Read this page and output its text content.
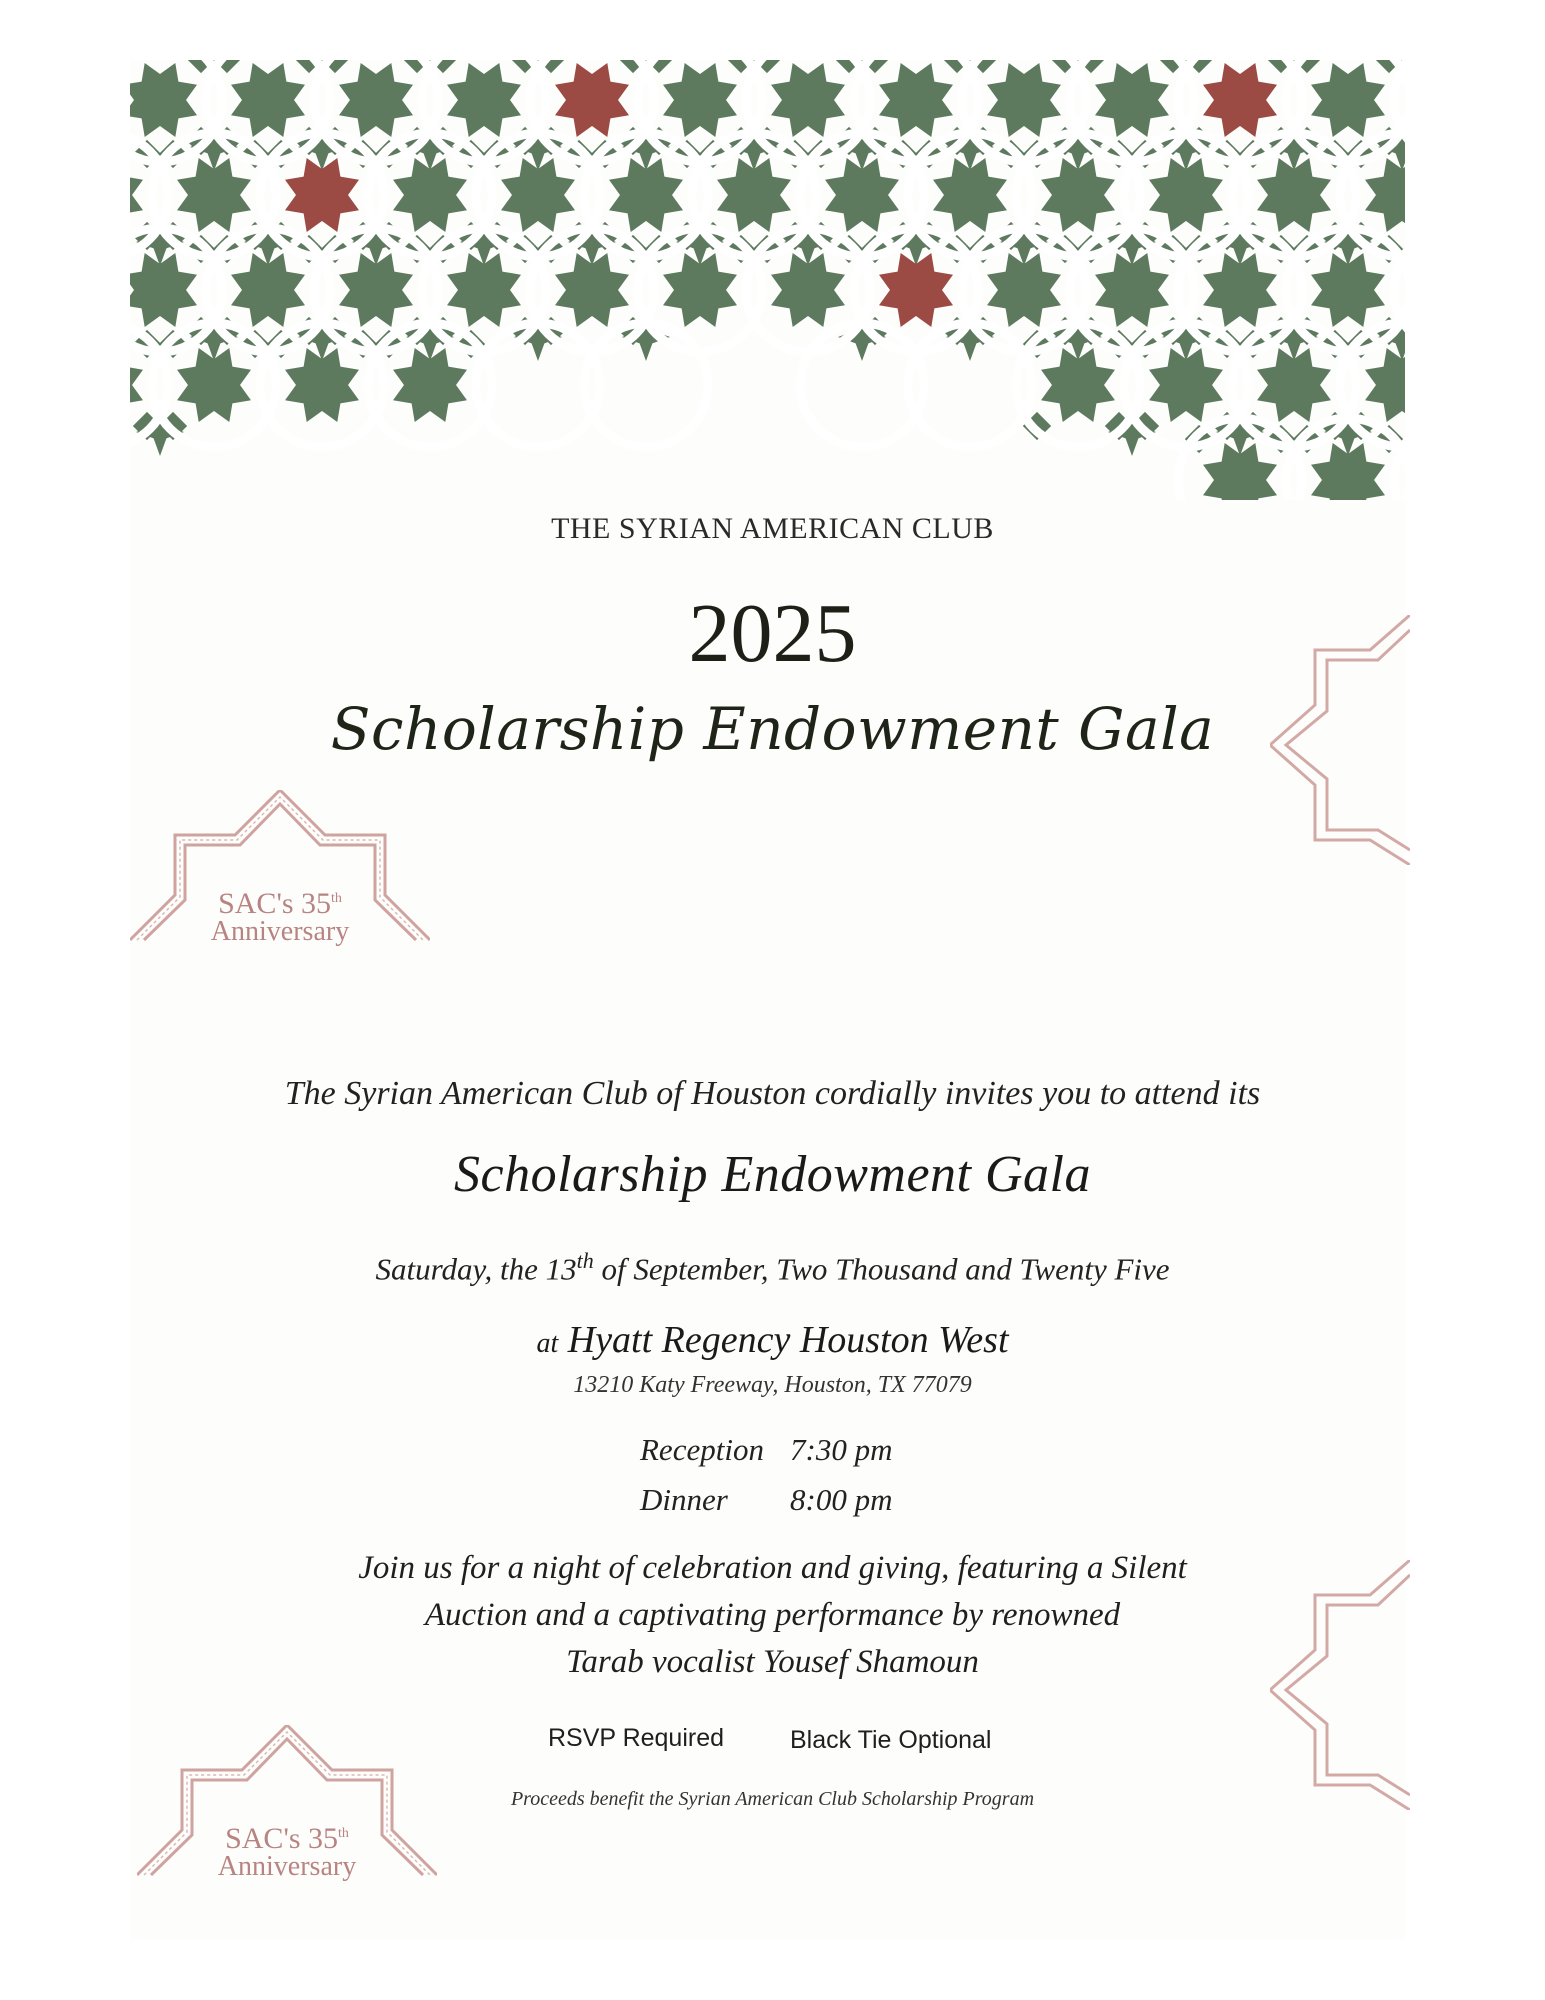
THE SYRIAN AMERICAN CLUB
2025
Scholarship Endowment Gala
SAC's 35th
Anniversary
SAC's 35th
Anniversary
The Syrian American Club of Houston cordially invites you to attend its
Scholarship Endowment Gala
Saturday, the 13th of September, Two Thousand and Twenty Five
at Hyatt Regency Houston West
13210 Katy Freeway, Houston, TX 77079
Reception 7:30 pm
Dinner 8:00 pm
Join us for a night of celebration and giving, featuring a Silent
Auction and a captivating performance by renowned
Tarab vocalist Yousef Shamoun
RSVP Required	Black Tie Optional
Proceeds benefit the Syrian American Club Scholarship Program
